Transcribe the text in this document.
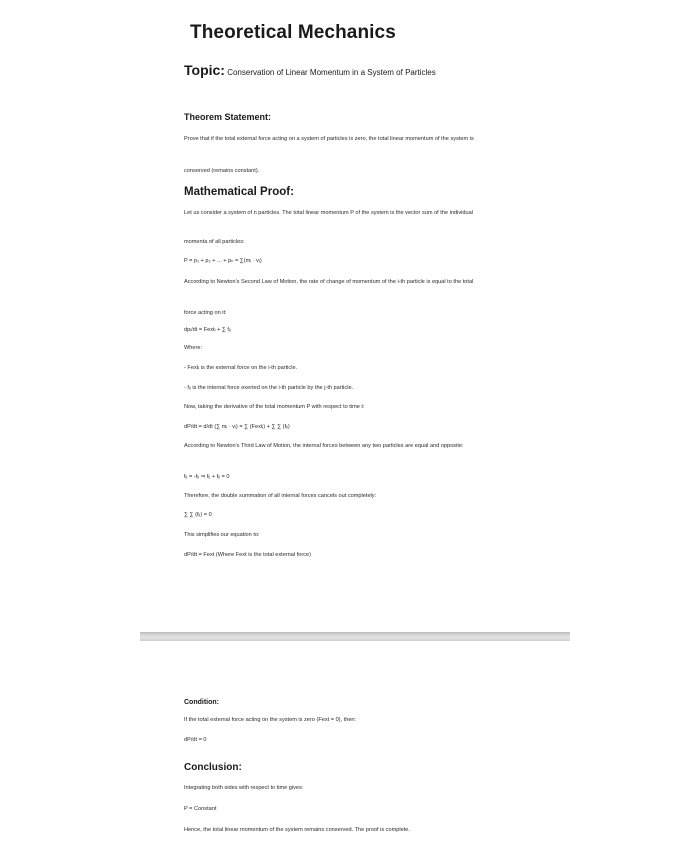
Theoretical Mechanics
Topic: Conservation of Linear Momentum in a System of Particles
Theorem Statement:
Prove that if the total external force acting on a system of particles is zero, the total linear momentum of the system is
conserved (remains constant).
Mathematical Proof:
Let us consider a system of n particles. The total linear momentum P of the system is the vector sum of the individual
momenta of all particles:
P = p₁ + p₂ + ... + pₙ = ∑(mᵢ · vᵢ)
According to Newton's Second Law of Motion, the rate of change of momentum of the i-th particle is equal to the total
force acting on it:
dpᵢ/dt = Fextᵢ + ∑ fᵢⱼ
Where:
- Fextᵢ is the external force on the i-th particle.
- fᵢⱼ is the internal force exerted on the i-th particle by the j-th particle.
Now, taking the derivative of the total momentum P with respect to time t:
dP/dt = d/dt (∑ mᵢ · vᵢ) = ∑ (Fextᵢ) + ∑ ∑ (fᵢⱼ)
According to Newton's Third Law of Motion, the internal forces between any two particles are equal and opposite:
fᵢⱼ = -fⱼᵢ ⇒ fᵢⱼ + fⱼᵢ = 0
Therefore, the double summation of all internal forces cancels out completely:
∑ ∑ (fᵢⱼ) = 0
This simplifies our equation to:
dP/dt = Fext (Where Fext is the total external force)
Condition:
If the total external force acting on the system is zero (Fext = 0), then:
dP/dt = 0
Conclusion:
Integrating both sides with respect to time gives:
P = Constant
Hence, the total linear momentum of the system remains conserved. The proof is complete.
